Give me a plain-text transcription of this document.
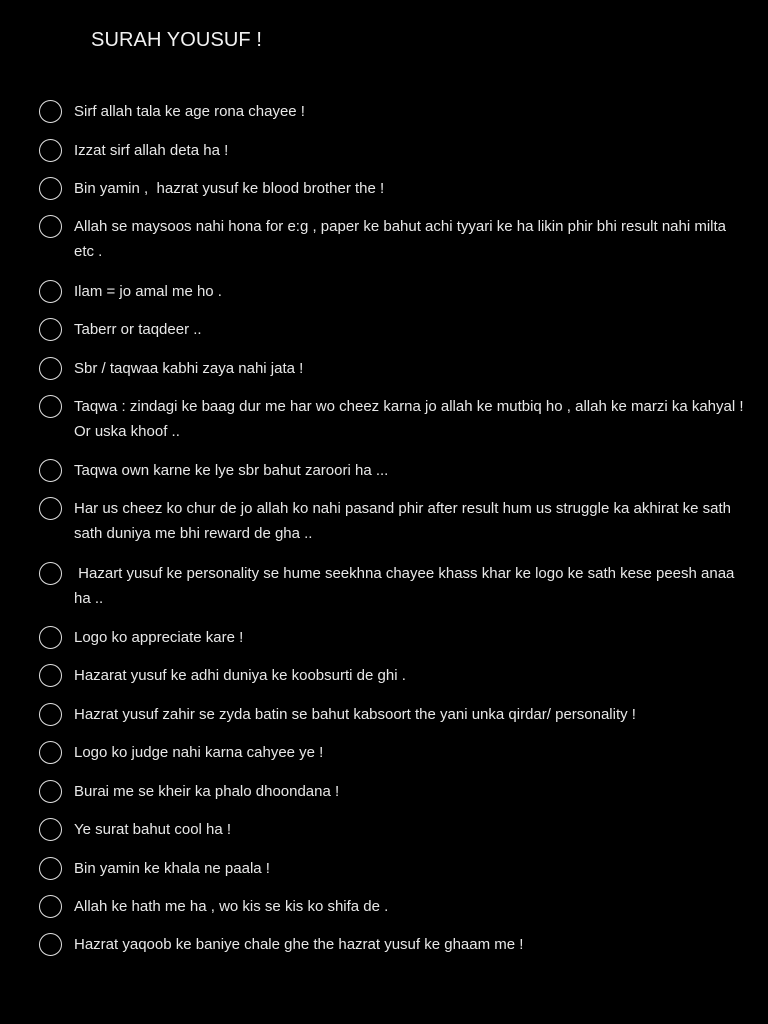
SURAH YOUSUF !
Sirf allah tala ke age rona chayee !
Izzat sirf allah deta ha !
Bin yamin ,  hazrat yusuf ke blood brother the !
Allah se maysoos nahi hona for e:g , paper ke bahut achi tyyari ke ha likin phir bhi result nahi milta  etc .
Ilam = jo amal me ho .
Taberr or taqdeer ..
Sbr / taqwaa kabhi zaya nahi jata !
Taqwa : zindagi ke baag dur me har wo cheez karna jo allah ke mutbiq ho , allah ke marzi ka kahyal ! Or uska khoof ..
Taqwa own karne ke lye sbr bahut zaroori ha ...
Har us cheez ko chur de jo allah ko nahi pasand phir after result hum us struggle ka akhirat ke sath sath duniya me bhi reward de gha ..
Hazart yusuf ke personality se hume seekhna chayee khass khar ke logo ke sath kese peesh anaa ha ..
Logo ko appreciate kare !
Hazarat yusuf ke adhi duniya ke koobsurti de ghi .
Hazrat yusuf zahir se zyda batin se bahut kabsoort the yani unka qirdar/ personality !
Logo ko judge nahi karna cahyee ye !
Burai me se kheir ka phalo dhoondana !
Ye surat bahut cool ha !
Bin yamin ke khala ne paala !
Allah ke hath me ha , wo kis se kis ko shifa de .
Hazrat yaqoob ke baniye chale ghe the hazrat yusuf ke ghaam me !
